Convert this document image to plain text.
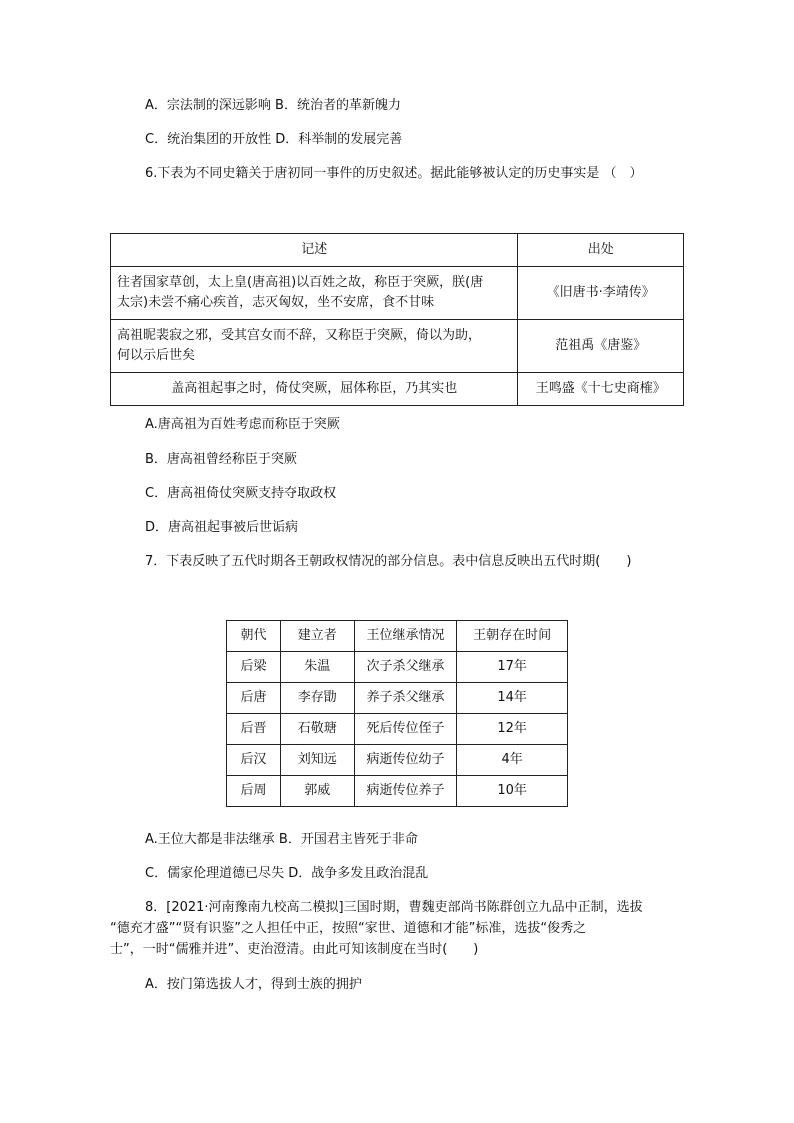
A．宗法制的深远影响 B．统治者的革新魄力
C．统治集团的开放性 D．科举制的发展完善
6.下表为不同史籍关于唐初同一事件的历史叙述。据此能够被认定的历史事实是 （　）
记述	出处

往者国家草创，太上皇(唐高祖)以百姓之故，称臣于突厥，朕(唐
太宗)未尝不痛心疾首，志灭匈奴，坐不安席，食不甘味	《旧唐书·李靖传》

高祖昵裴寂之邪，受其宫女而不辞，又称臣于突厥，倚以为助，
何以示后世矣	范祖禹《唐鉴》
盖高祖起事之时，倚仗突厥，屈体称臣，乃其实也	王鸣盛《十七史商榷》
A.唐高祖为百姓考虑而称臣于突厥
B．唐高祖曾经称臣于突厥
C．唐高祖倚仗突厥支持夺取政权
D．唐高祖起事被后世诟病
7．下表反映了五代时期各王朝政权情况的部分信息。表中信息反映出五代时期(　　)
朝代	建立者	王位继承情况	王朝存在时间
后梁	朱温	次子杀父继承	17年
后唐	李存勖	养子杀父继承	14年
后晋	石敬瑭	死后传位侄子	12年
后汉	刘知远	病逝传位幼子	4年
后周	郭威	病逝传位养子	10年
A.王位大都是非法继承 B．开国君主皆死于非命
C．儒家伦理道德已尽失 D．战争多发且政治混乱
8．[2021·河南豫南九校高二模拟]三国时期，曹魏吏部尚书陈群创立九品中正制，选拔
“德充才盛”“贤有识鉴”之人担任中正，按照“家世、道德和才能”标准，选拔“俊秀之
士”，一时“儒雅并进”、吏治澄清。由此可知该制度在当时(　　)
A．按门第选拔人才，得到士族的拥护
